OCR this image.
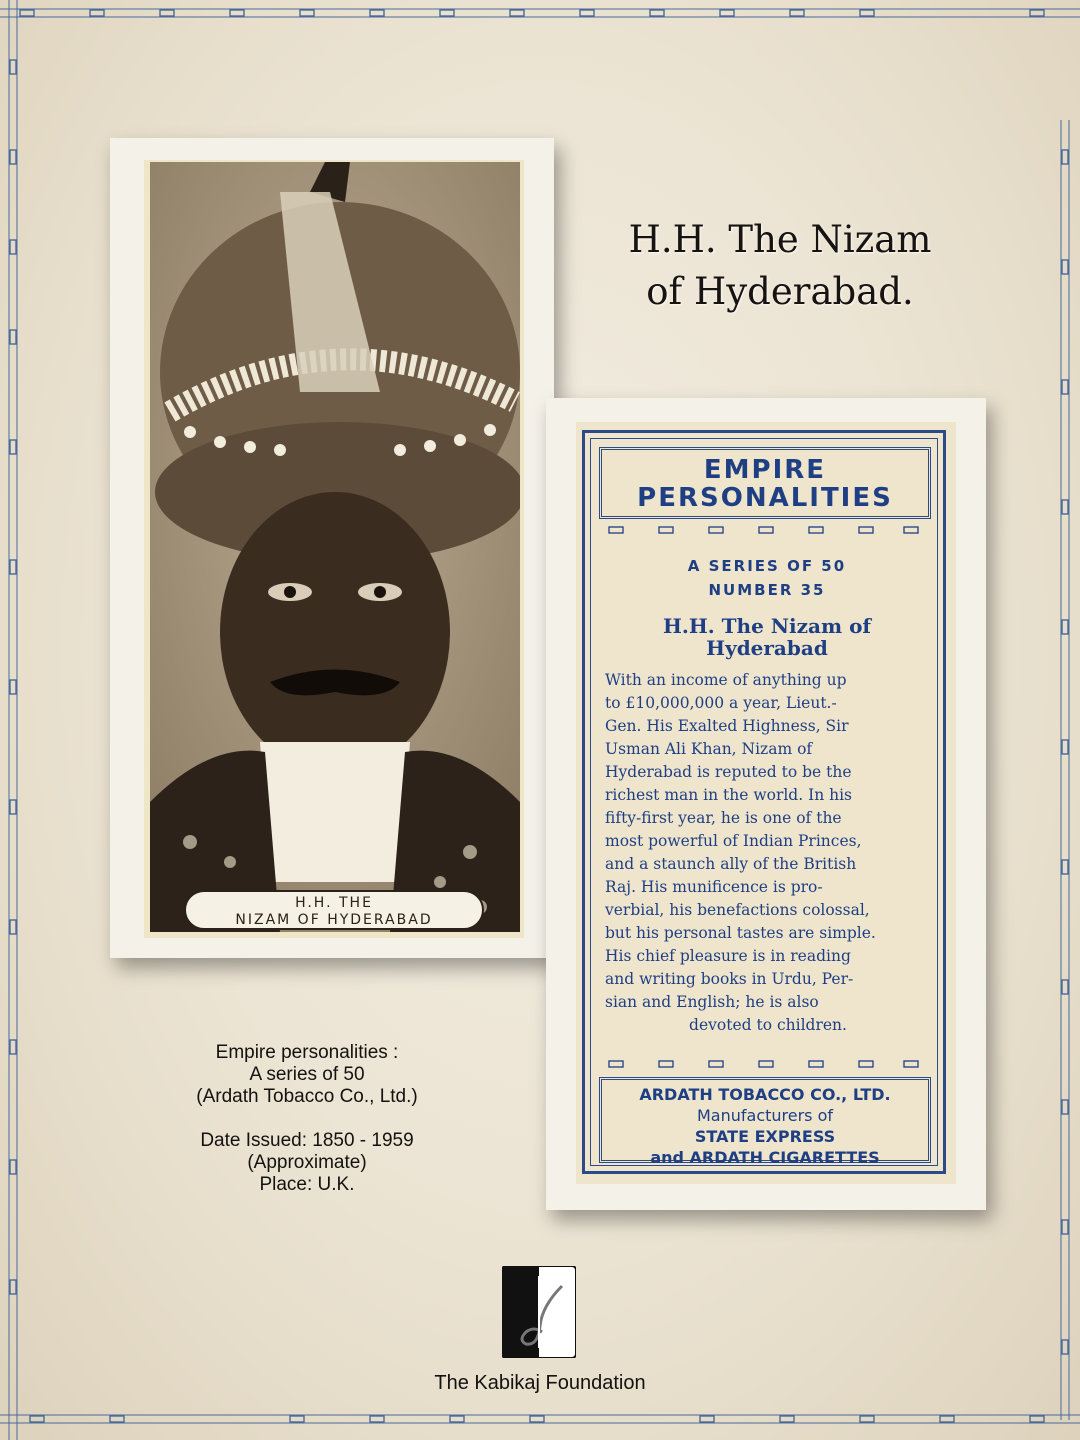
H.H. THE
NIZAM OF HYDERABAD
H.H. The Nizam
of Hyderabad.
EMPIRE
PERSONALITIES
A SERIES OF 50
NUMBER 35
H.H. The Nizam of
Hyderabad
With an income of anything up
to £10,000,000 a year, Lieut.-
Gen. His Exalted Highness, Sir
Usman Ali Khan, Nizam of
Hyderabad is reputed to be the
richest man in the world. In his
fifty-first year, he is one of the
most powerful of Indian Princes,
and a staunch ally of the British
Raj. His munificence is pro-
verbial, his benefactions colossal,
but his personal tastes are simple.
His chief pleasure is in reading
and writing books in Urdu, Per-
sian and English; he is also
devoted to children.
ARDATH TOBACCO CO., LTD.
Manufacturers of
STATE EXPRESS
and ARDATH CIGARETTES
Empire personalities :
A series of 50
(Ardath Tobacco Co., Ltd.)
Date Issued: 1850 - 1959
(Approximate)
Place: U.K.
The Kabikaj Foundation
